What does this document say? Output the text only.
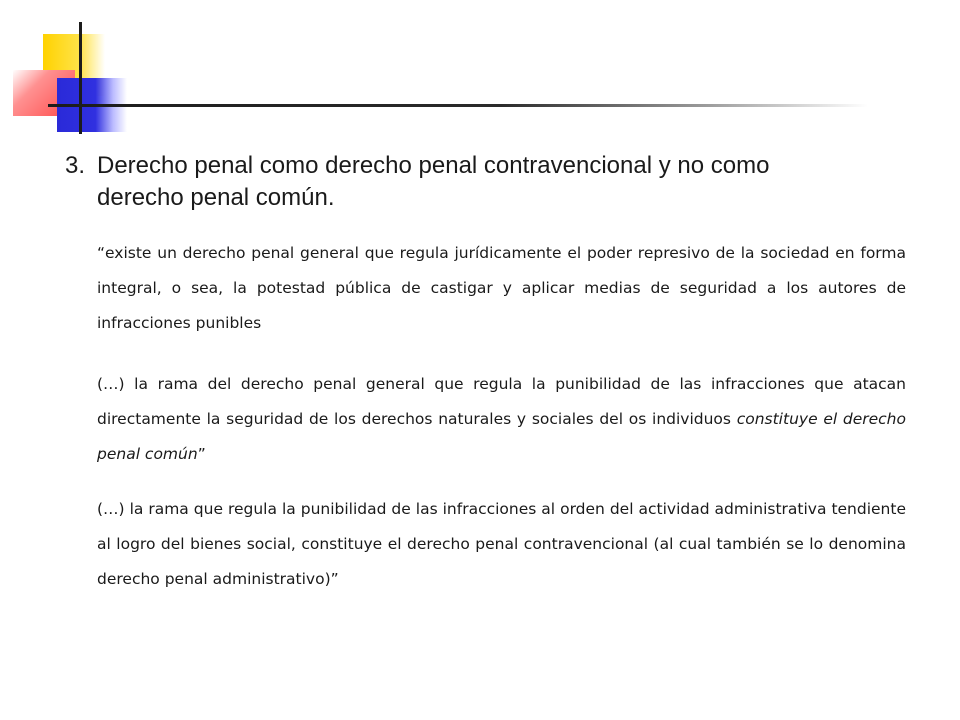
3. Derecho penal como derecho penal contravencional y no como
derecho penal común.
“existe un derecho penal general que regula jurídicamente el poder represivo de la sociedad en forma integral, o sea, la potestad pública de castigar y aplicar medias de seguridad a los autores de infracciones punibles
(…) la rama del derecho penal general que regula la punibilidad de las infracciones que atacan directamente la seguridad de los derechos naturales y sociales del os individuos constituye el derecho penal común”
(…) la rama que regula la punibilidad de las infracciones al orden del actividad administrativa tendiente al logro del bienes social, constituye el derecho penal contravencional (al cual también se lo denomina derecho penal administrativo)”
